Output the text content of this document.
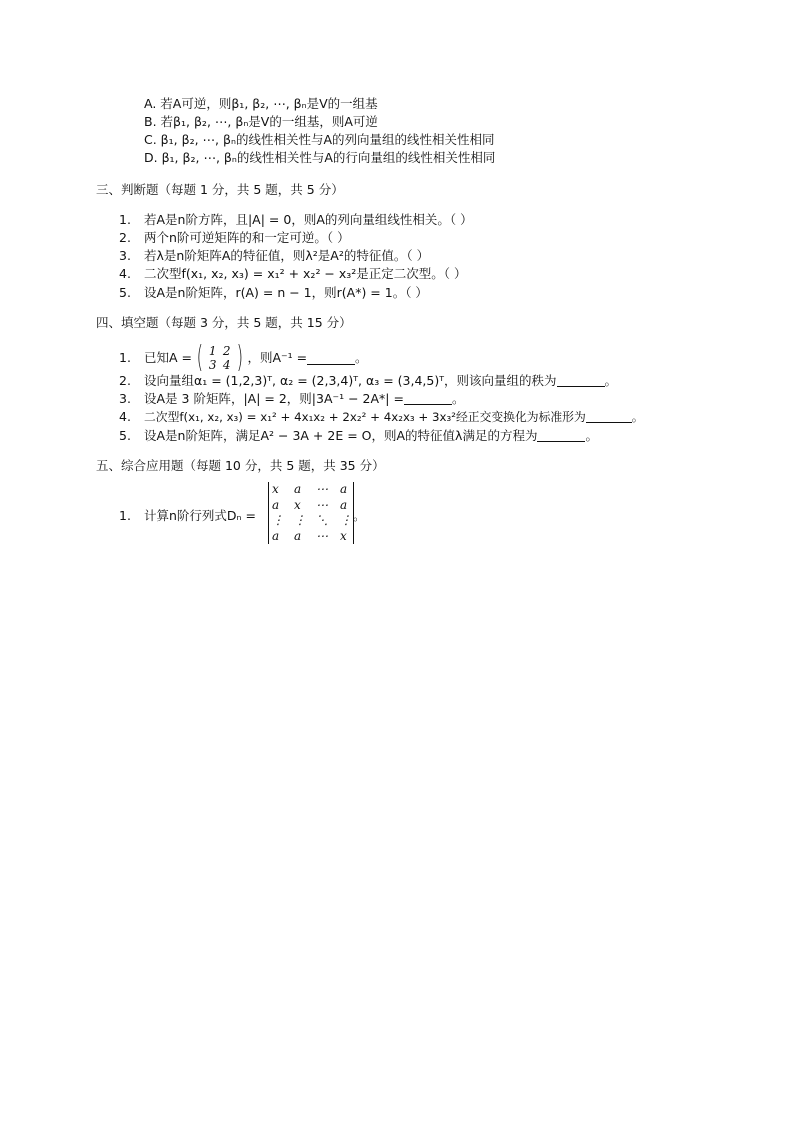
A. 若A可逆，则β₁, β₂, ⋯, βₙ是V的一组基
B. 若β₁, β₂, ⋯, βₙ是V的一组基，则A可逆
C. β₁, β₂, ⋯, βₙ的线性相关性与A的列向量组的线性相关性相同
D. β₁, β₂, ⋯, βₙ的线性相关性与A的行向量组的线性相关性相同
三、判断题（每题 1 分，共 5 题，共 5 分）
1. 若A是n阶方阵，且|A| = 0，则A的列向量组线性相关。（ ）
2. 两个n阶可逆矩阵的和一定可逆。（ ）
3. 若λ是n阶矩阵A的特征值，则λ²是A²的特征值。（ ）
4. 二次型f(x₁, x₂, x₃) = x₁² + x₂² − x₃²是正定二次型。（ ）
5. 设A是n阶矩阵，r(A) = n − 1，则r(A*) = 1。（ ）
四、填空题（每题 3 分，共 5 题，共 15 分）
1. 已知A = ( 1 2
3 4 ) ，则A⁻¹ =	。
2. 设向量组α₁ = (1,2,3)ᵀ, α₂ = (2,3,4)ᵀ, α₃ = (3,4,5)ᵀ，则该向量组的秩为	。
3. 设A是 3 阶矩阵，|A| = 2，则|3A⁻¹ − 2A*| =	。
4. 二次型f(x₁, x₂, x₃) = x₁² + 4x₁x₂ + 2x₂² + 4x₂x₃ + 3x₃²经正交变换化为标准形为	。
5. 设A是n阶矩阵，满足A² − 3A + 2E = O，则A的特征值λ满足的方程为	。
五、综合应用题（每题 10 分，共 5 题，共 35 分）
1. 计算n阶行列式Dₙ =
x	a	⋯	a
a	x	⋯	a
⋮ ⋮ ⋱	⋮
a	a	⋯	x
。
